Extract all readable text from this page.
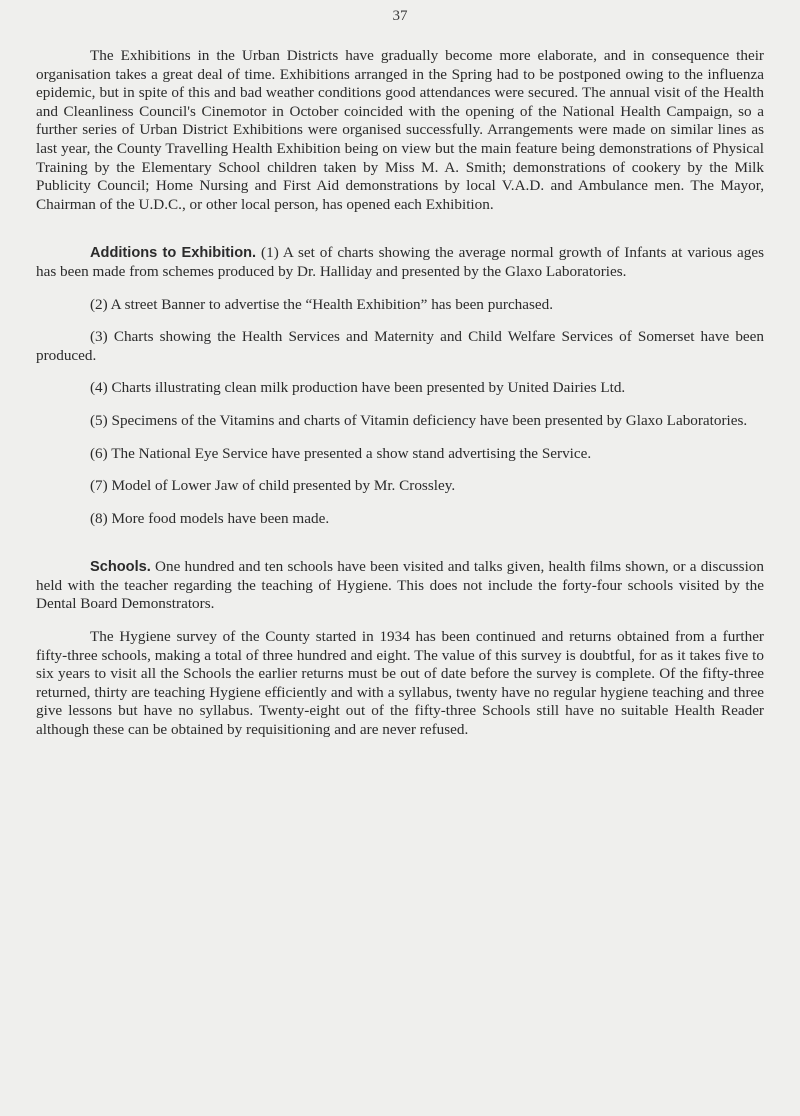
37

The Exhibitions in the Urban Districts have gradually become more elaborate, and in consequence their organisation takes a great deal of time. Exhibitions arranged in the Spring had to be postponed owing to the influenza epidemic, but in spite of this and bad weather conditions good attendances were secured. The annual visit of the Health and Cleanliness Council's Cinemotor in October coincided with the opening of the National Health Campaign, so a further series of Urban District Exhibitions were organised successfully. Arrangements were made on similar lines as last year, the County Travelling Health Exhibition being on view but the main feature being demonstrations of Physical Training by the Elementary School children taken by Miss M. A. Smith; demonstrations of cookery by the Milk Publicity Council; Home Nursing and First Aid demonstrations by local V.A.D. and Ambulance men. The Mayor, Chairman of the U.D.C., or other local person, has opened each Exhibition.

Additions to Exhibition. (1) A set of charts showing the average normal growth of Infants at various ages has been made from schemes produced by Dr. Halliday and presented by the Glaxo Laboratories.

(2) A street Banner to advertise the “Health Exhibition” has been purchased.

(3) Charts showing the Health Services and Maternity and Child Welfare Services of Somerset have been produced.

(4) Charts illustrating clean milk production have been presented by United Dairies Ltd.

(5) Specimens of the Vitamins and charts of Vitamin deficiency have been presented by Glaxo Laboratories.

(6) The National Eye Service have presented a show stand advertising the Service.

(7) Model of Lower Jaw of child presented by Mr. Crossley.

(8) More food models have been made.

Schools. One hundred and ten schools have been visited and talks given, health films shown, or a discussion held with the teacher regarding the teaching of Hygiene. This does not include the forty-four schools visited by the Dental Board Demonstrators.

The Hygiene survey of the County started in 1934 has been continued and returns obtained from a further fifty-three schools, making a total of three hundred and eight. The value of this survey is doubtful, for as it takes five to six years to visit all the Schools the earlier returns must be out of date before the survey is complete. Of the fifty-three returned, thirty are teaching Hygiene efficiently and with a syllabus, twenty have no regular hygiene teaching and three give lessons but have no syllabus. Twenty-eight out of the fifty-three Schools still have no suitable Health Reader although these can be obtained by requisitioning and are never refused.
